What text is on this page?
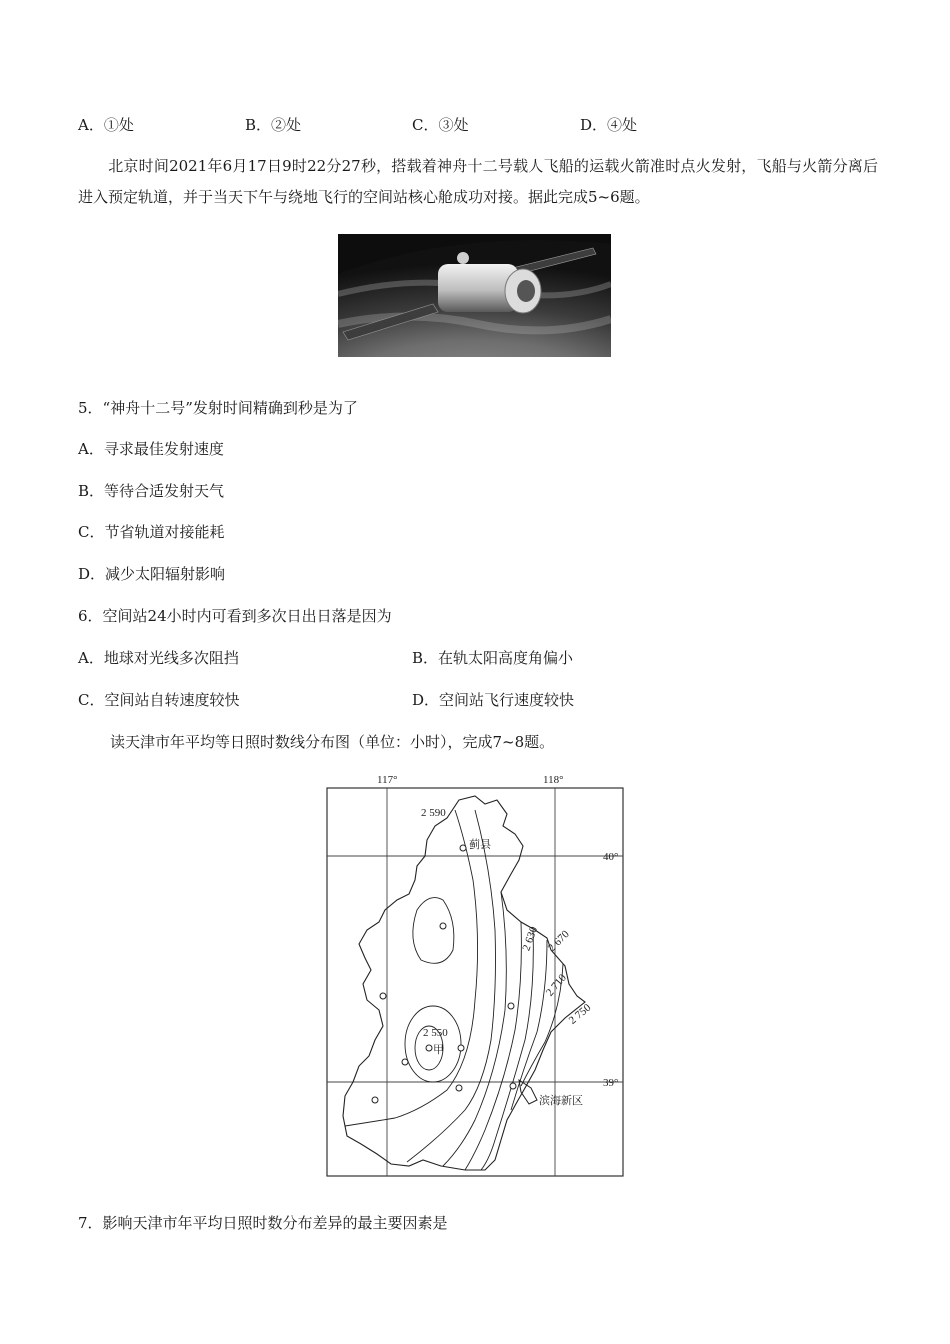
A．①处	B．②处	C．③处	D．④处
北京时间2021年6月17日9时22分27秒，搭载着神舟十二号载人飞船的运载火箭准时点火发射，飞船与火箭分离后进入预定轨道，并于当天下午与绕地飞行的空间站核心舱成功对接。据此完成5~6题。
5．“神舟十二号”发射时间精确到秒是为了
A．寻求最佳发射速度
B．等待合适发射天气
C．节省轨道对接能耗
D．减少太阳辐射影响
6．空间站24小时内可看到多次日出日落是因为
A．地球对光线多次阻挡	B．在轨太阳高度角偏小
C．空间站自转速度较快	D．空间站飞行速度较快
读天津市年平均等日照时数线分布图（单位：小时），完成7~8题。
117°	118°
40°
39°
2 590
2 630 2 670
2 710
2 750
2 550
蓟县
甲
滨海新区
7．影响天津市年平均日照时数分布差异的最主要因素是
